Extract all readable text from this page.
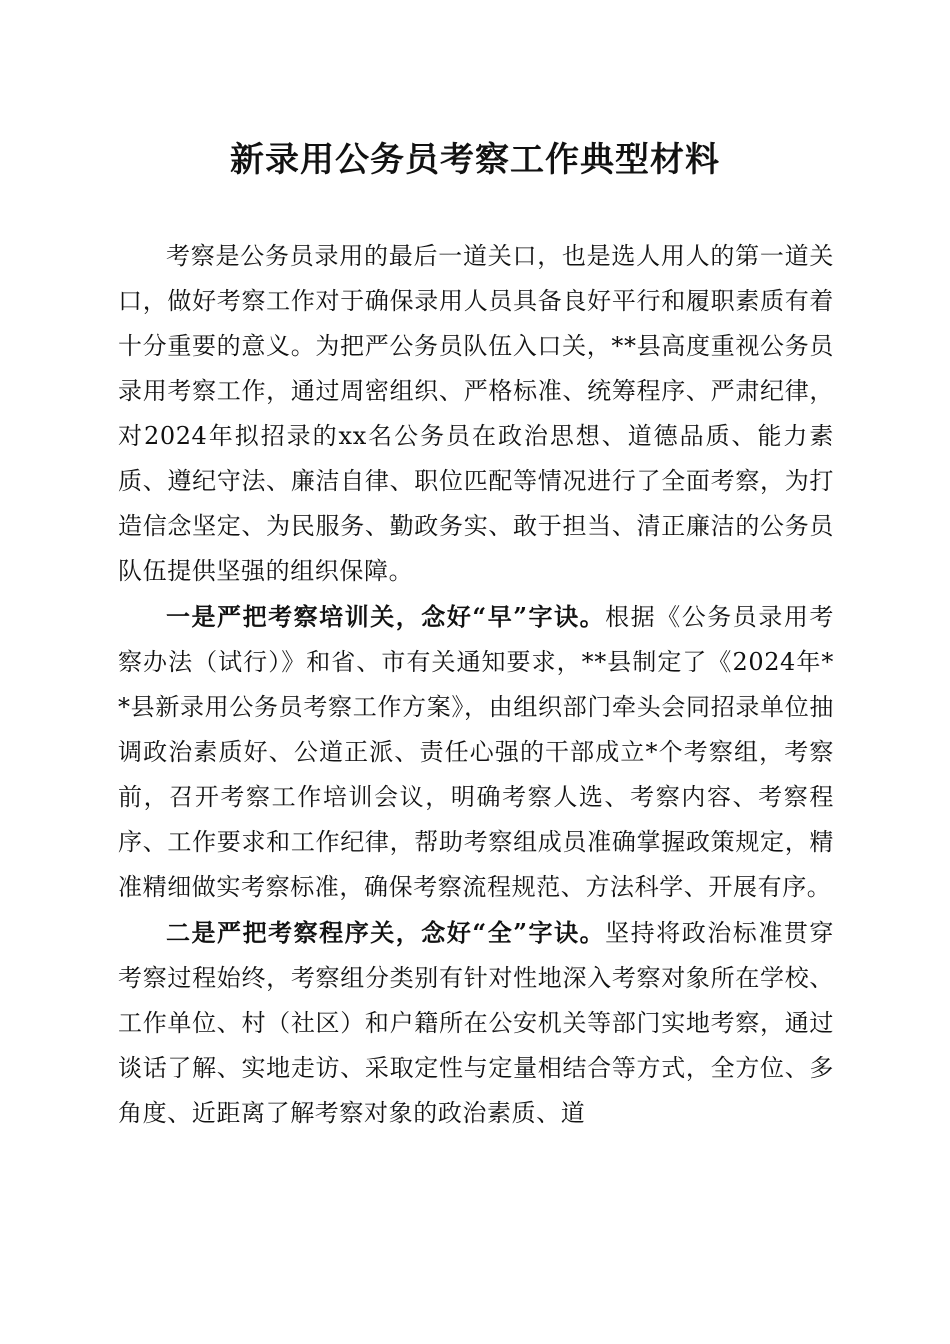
新录用公务员考察工作典型材料

考察是公务员录用的最后一道关口，也是选人用人的第一道关口，做好考察工作对于确保录用人员具备良好平行和履职素质有着十分重要的意义。为把严公务员队伍入口关，**县高度重视公务员录用考察工作，通过周密组织、严格标准、统筹程序、严肃纪律，对2024年拟招录的xx名公务员在政治思想、道德品质、能力素质、遵纪守法、廉洁自律、职位匹配等情况进行了全面考察，为打造信念坚定、为民服务、勤政务实、敢于担当、清正廉洁的公务员队伍提供坚强的组织保障。

一是严把考察培训关，念好“早”字诀。根据《公务员录用考察办法（试行）》和省、市有关通知要求，**县制定了《2024年**县新录用公务员考察工作方案》，由组织部门牵头会同招录单位抽调政治素质好、公道正派、责任心强的干部成立*个考察组，考察前，召开考察工作培训会议，明确考察人选、考察内容、考察程序、工作要求和工作纪律，帮助考察组成员准确掌握政策规定，精准精细做实考察标准，确保考察流程规范、方法科学、开展有序。

二是严把考察程序关，念好“全”字诀。坚持将政治标准贯穿考察过程始终，考察组分类别有针对性地深入考察对象所在学校、工作单位、村（社区）和户籍所在公安机关等部门实地考察，通过谈话了解、实地走访、采取定性与定量相结合等方式，全方位、多角度、近距离了解考察对象的政治素质、道
